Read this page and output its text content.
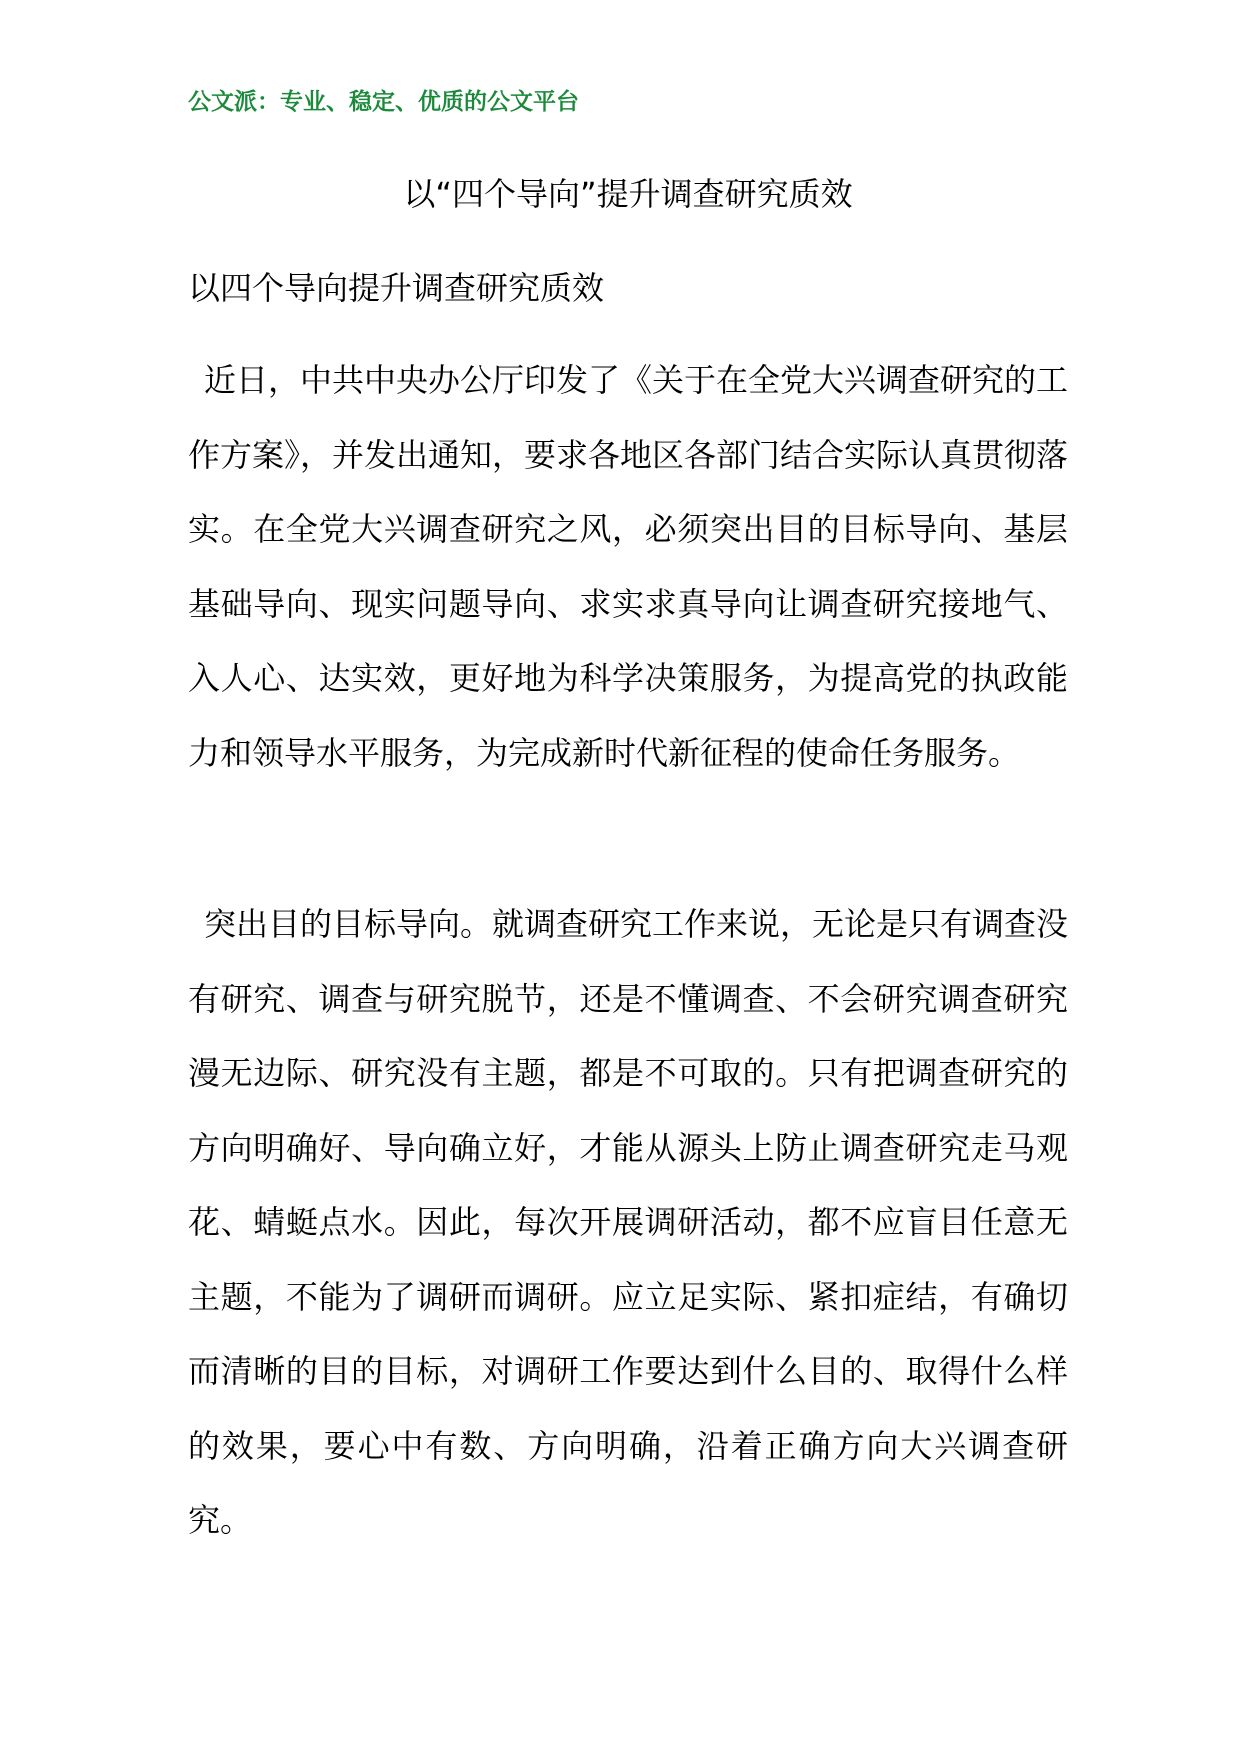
公文派：专业、稳定、优质的公文平台
以“四个导向”提升调查研究质效
以四个导向提升调查研究质效

近日，中共中央办公厅印发了《关于在全党大兴调查研究的工作方案》，并发出通知，要求各地区各部门结合实际认真贯彻落实。在全党大兴调查研究之风，必须突出目的目标导向、基层基础导向、现实问题导向、求实求真导向让调查研究接地气、入人心、达实效，更好地为科学决策服务，为提高党的执政能力和领导水平服务，为完成新时代新征程的使命任务服务。

突出目的目标导向。就调查研究工作来说，无论是只有调查没有研究、调查与研究脱节，还是不懂调查、不会研究调查研究漫无边际、研究没有主题，都是不可取的。只有把调查研究的方向明确好、导向确立好，才能从源头上防止调查研究走马观花、蜻蜓点水。因此，每次开展调研活动，都不应盲目任意无主题，不能为了调研而调研。应立足实际、紧扣症结，有确切而清晰的目的目标，对调研工作要达到什么目的、取得什么样的效果，要心中有数、方向明确，沿着正确方向大兴调查研究。
